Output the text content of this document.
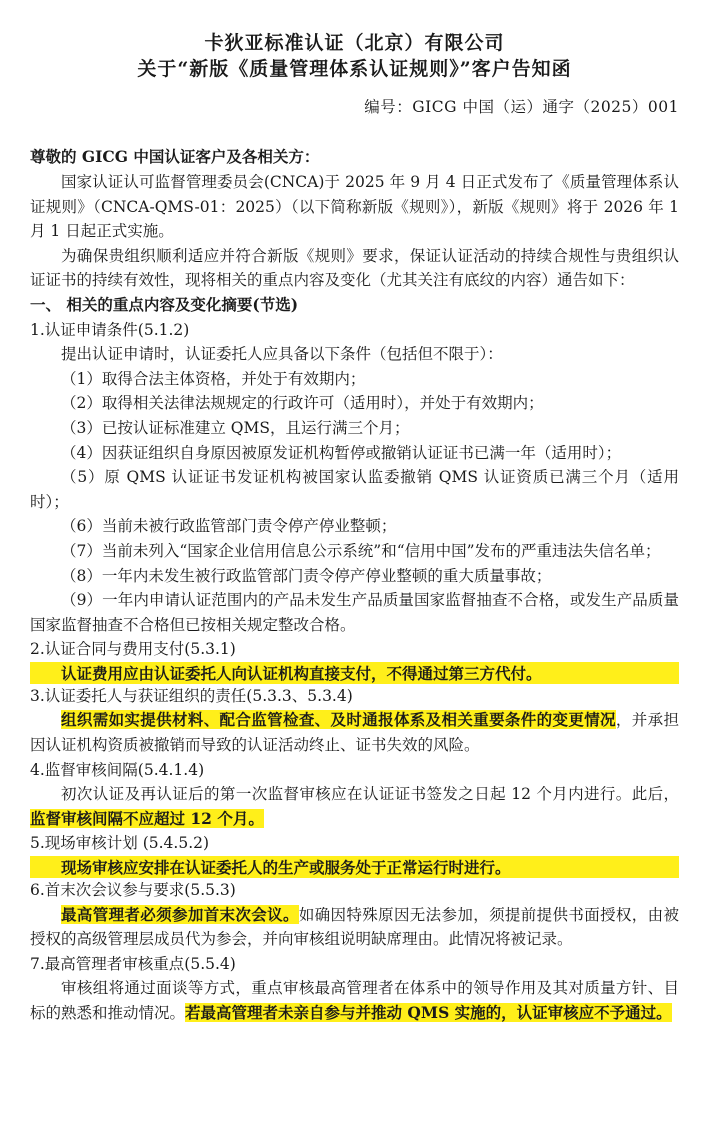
卡狄亚标准认证（北京）有限公司
关于“新版《质量管理体系认证规则》”客户告知函
编号：GICG 中国（运）通字（2025）001
尊敬的 GICG 中国认证客户及各相关方：

国家认证认可监督管理委员会(CNCA)于 2025 年 9 月 4 日正式发布了《质量管理体系认证规则》（CNCA-QMS-01：2025）（以下简称新版《规则》），新版《规则》将于 2026 年 1 月 1 日起正式实施。

为确保贵组织顺利适应并符合新版《规则》要求，保证认证活动的持续合规性与贵组织认证证书的持续有效性，现将相关的重点内容及变化（尤其关注有底纹的内容）通告如下：

一、 相关的重点内容及变化摘要(节选)
1.认证申请条件(5.1.2)

提出认证申请时，认证委托人应具备以下条件（包括但不限于）：

（1）取得合法主体资格，并处于有效期内；

（2）取得相关法律法规规定的行政许可（适用时），并处于有效期内；

（3）已按认证标准建立 QMS，且运行满三个月；

（4）因获证组织自身原因被原发证机构暂停或撤销认证证书已满一年（适用时）；

（5）原 QMS 认证证书发证机构被国家认监委撤销 QMS 认证资质已满三个月（适用时）；

（6）当前未被行政监管部门责令停产停业整顿；

（7）当前未列入“国家企业信用信息公示系统”和“信用中国”发布的严重违法失信名单；

（8）一年内未发生被行政监管部门责令停产停业整顿的重大质量事故；

（9）一年内申请认证范围内的产品未发生产品质量国家监督抽查不合格，或发生产品质量国家监督抽查不合格但已按相关规定整改合格。

2.认证合同与费用支付(5.3.1)
认证费用应由认证委托人向认证机构直接支付，不得通过第三方代付。
3.认证委托人与获证组织的责任(5.3.3、5.3.4)

组织需如实提供材料、配合监管检查、及时通报体系及相关重要条件的变更情况，并承担因认证机构资质被撤销而导致的认证活动终止、证书失效的风险。

4.监督审核间隔(5.4.1.4)

初次认证及再认证后的第一次监督审核应在认证证书签发之日起 12 个月内进行。此后，监督审核间隔不应超过 12 个月。

5.现场审核计划 (5.4.5.2)
现场审核应安排在认证委托人的生产或服务处于正常运行时进行。
6.首末次会议参与要求(5.5.3)

最高管理者必须参加首末次会议。如确因特殊原因无法参加，须提前提供书面授权，由被授权的高级管理层成员代为参会，并向审核组说明缺席理由。此情况将被记录。

7.最高管理者审核重点(5.5.4)

审核组将通过面谈等方式，重点审核最高管理者在体系中的领导作用及其对质量方针、目标的熟悉和推动情况。若最高管理者未亲自参与并推动 QMS 实施的，认证审核应不予通过。
